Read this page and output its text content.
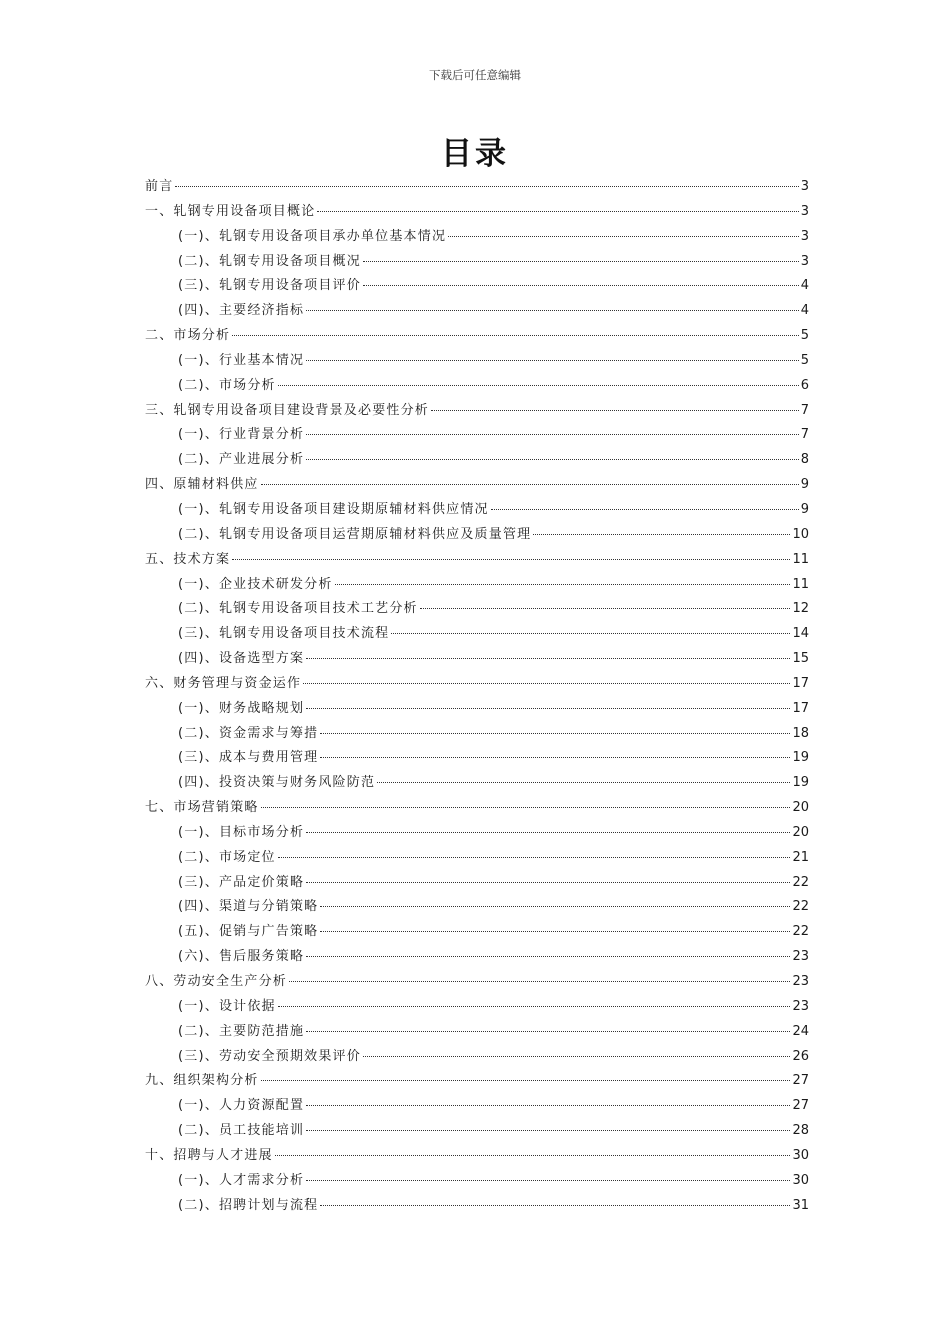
下载后可任意编辑
目录
前言	3
一、轧钢专用设备项目概论	3
(一)、轧钢专用设备项目承办单位基本情况	3
(二)、轧钢专用设备项目概况	3
(三)、轧钢专用设备项目评价	4
(四)、主要经济指标	4
二、市场分析	5
(一)、行业基本情况	5
(二)、市场分析	6
三、轧钢专用设备项目建设背景及必要性分析	7
(一)、行业背景分析	7
(二)、产业进展分析	8
四、原辅材料供应	9
(一)、轧钢专用设备项目建设期原辅材料供应情况	9
(二)、轧钢专用设备项目运营期原辅材料供应及质量管理	10
五、技术方案	11
(一)、企业技术研发分析	11
(二)、轧钢专用设备项目技术工艺分析	12
(三)、轧钢专用设备项目技术流程	14
(四)、设备选型方案	15
六、财务管理与资金运作	17
(一)、财务战略规划	17
(二)、资金需求与筹措	18
(三)、成本与费用管理	19
(四)、投资决策与财务风险防范	19
七、市场营销策略	20
(一)、目标市场分析	20
(二)、市场定位	21
(三)、产品定价策略	22
(四)、渠道与分销策略	22
(五)、促销与广告策略	22
(六)、售后服务策略	23
八、劳动安全生产分析	23
(一)、设计依据	23
(二)、主要防范措施	24
(三)、劳动安全预期效果评价	26
九、组织架构分析	27
(一)、人力资源配置	27
(二)、员工技能培训	28
十、招聘与人才进展	30
(一)、人才需求分析	30
(二)、招聘计划与流程	31
